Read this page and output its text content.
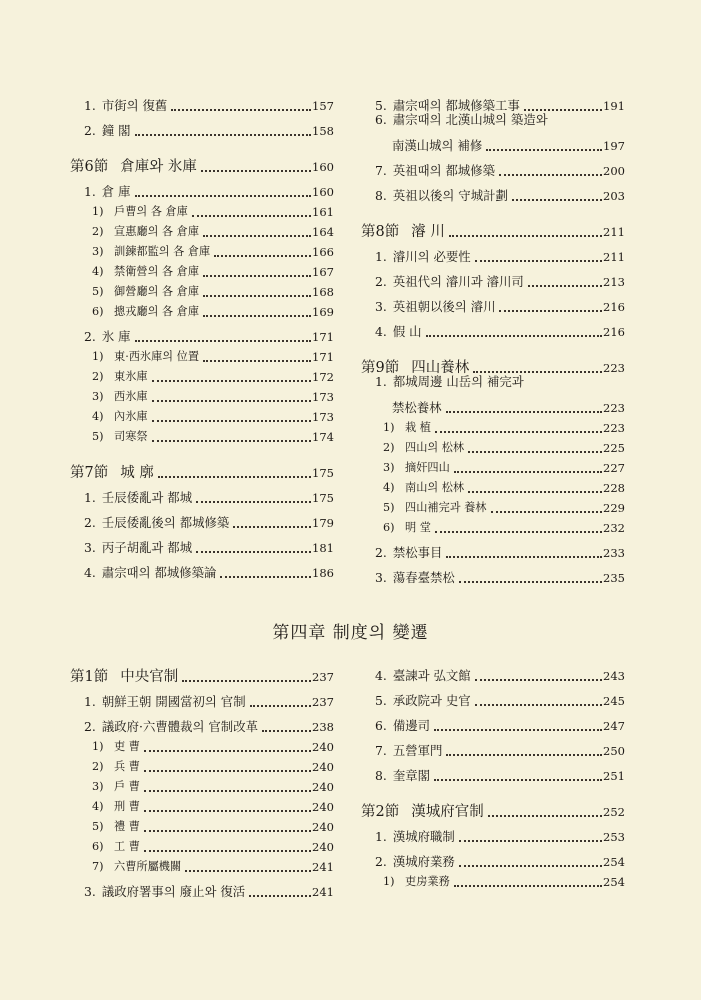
1. 市街의 復舊	157
2. 鐘 閣	158
第6節 倉庫와 氷庫	160
1. 倉 庫	160
1) 戶曹의 各 倉庫	161
2) 宣惠廳의 各 倉庫	164
3) 訓鍊都監의 各 倉庫	166
4) 禁衛營의 各 倉庫	167
5) 御營廳의 各 倉庫	168
6) 摠戎廳의 各 倉庫	169
2. 氷 庫	171
1) 東·西氷庫의 位置	171
2) 東氷庫	172
3) 西氷庫	173
4) 內氷庫	173
5) 司寒祭	174
第7節 城 廓	175
1. 壬辰倭亂과 都城	175
2. 壬辰倭亂後의 都城修築	179
3. 丙子胡亂과 都城	181
4. 肅宗때의 都城修築論	186
5. 肅宗때의 都城修築工事	191
6. 肅宗때의 北漢山城의 築造와
南漢山城의 補修	197
7. 英祖때의 都城修築	200
8. 英祖以後의 守城計劃	203
第8節 濬 川	211
1. 濬川의 必要性	211
2. 英祖代의 濬川과 濬川司	213
3. 英祖朝以後의 濬川	216
4. 假 山	216
第9節 四山養林	223
1. 都城周邊 山岳의 補完과
禁松養林	223
1) 栽 植	223
2) 四山의 松林	225
3) 摘奸四山	227
4) 南山의 松林	228
5) 四山補完과 養林	229
6) 明 堂	232
2. 禁松事目	233
3. 蕩春臺禁松	235
第四章 制度의 變遷
第1節 中央官制	237
1. 朝鮮王朝 開國當初의 官制	237
2. 議政府·六曹體裁의 官制改革	238
1) 吏 曹	240
2) 兵 曹	240
3) 戶 曹	240
4) 刑 曹	240
5) 禮 曹	240
6) 工 曹	240
7) 六曹所屬機關	241
3. 議政府署事의 廢止와 復活	241
4. 臺諫과 弘文館	243
5. 承政院과 史官	245
6. 備邊司	247
7. 五營軍門	250
8. 奎章閣	251
第2節 漢城府官制	252
1. 漢城府職制	253
2. 漢城府業務	254
1) 吏房業務	254
